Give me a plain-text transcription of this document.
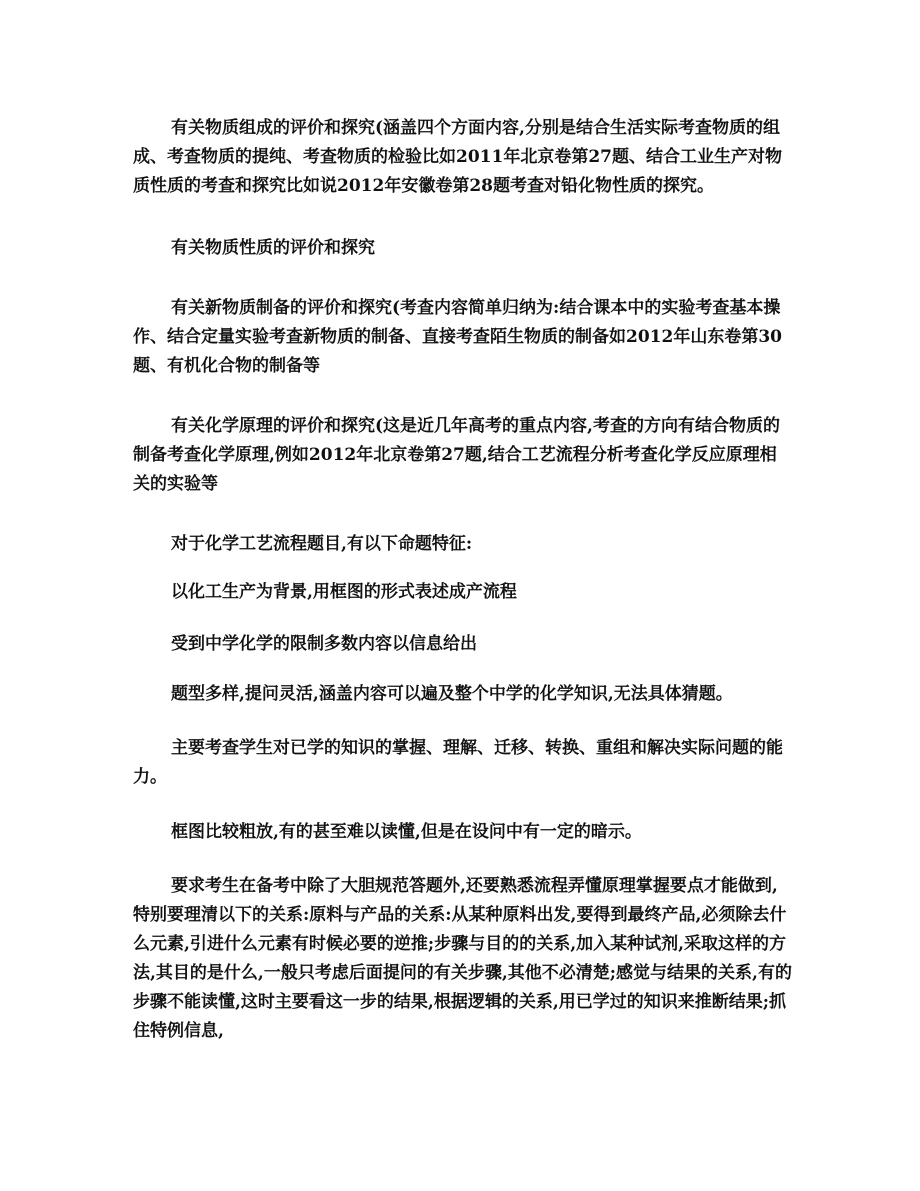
有关物质组成的评价和探究(涵盖四个方面内容,分别是结合生活实际考查物质的组成、考查物质的提纯、考查物质的检验比如2011年北京卷第27题、结合工业生产对物质性质的考查和探究比如说2012年安徽卷第28题考查对铅化物性质的探究。

有关物质性质的评价和探究

有关新物质制备的评价和探究(考查内容简单归纳为:结合课本中的实验考查基本操作、结合定量实验考查新物质的制备、直接考查陌生物质的制备如2012年山东卷第30题、有机化合物的制备等

有关化学原理的评价和探究(这是近几年高考的重点内容,考查的方向有结合物质的制备考查化学原理,例如2012年北京卷第27题,结合工艺流程分析考查化学反应原理相关的实验等

对于化学工艺流程题目,有以下命题特征:

以化工生产为背景,用框图的形式表述成产流程

受到中学化学的限制多数内容以信息给出

题型多样,提问灵活,涵盖内容可以遍及整个中学的化学知识,无法具体猜题。

主要考查学生对已学的知识的掌握、理解、迁移、转换、重组和解决实际问题的能力。

框图比较粗放,有的甚至难以读懂,但是在设问中有一定的暗示。

要求考生在备考中除了大胆规范答题外,还要熟悉流程弄懂原理掌握要点才能做到,特别要理清以下的关系:原料与产品的关系:从某种原料出发,要得到最终产品,必须除去什么元素,引进什么元素有时候必要的逆推;步骤与目的的关系,加入某种试剂,采取这样的方法,其目的是什么,一般只考虑后面提问的有关步骤,其他不必清楚;感觉与结果的关系,有的步骤不能读懂,这时主要看这一步的结果,根据逻辑的关系,用已学过的知识来推断结果;抓住特例信息,
